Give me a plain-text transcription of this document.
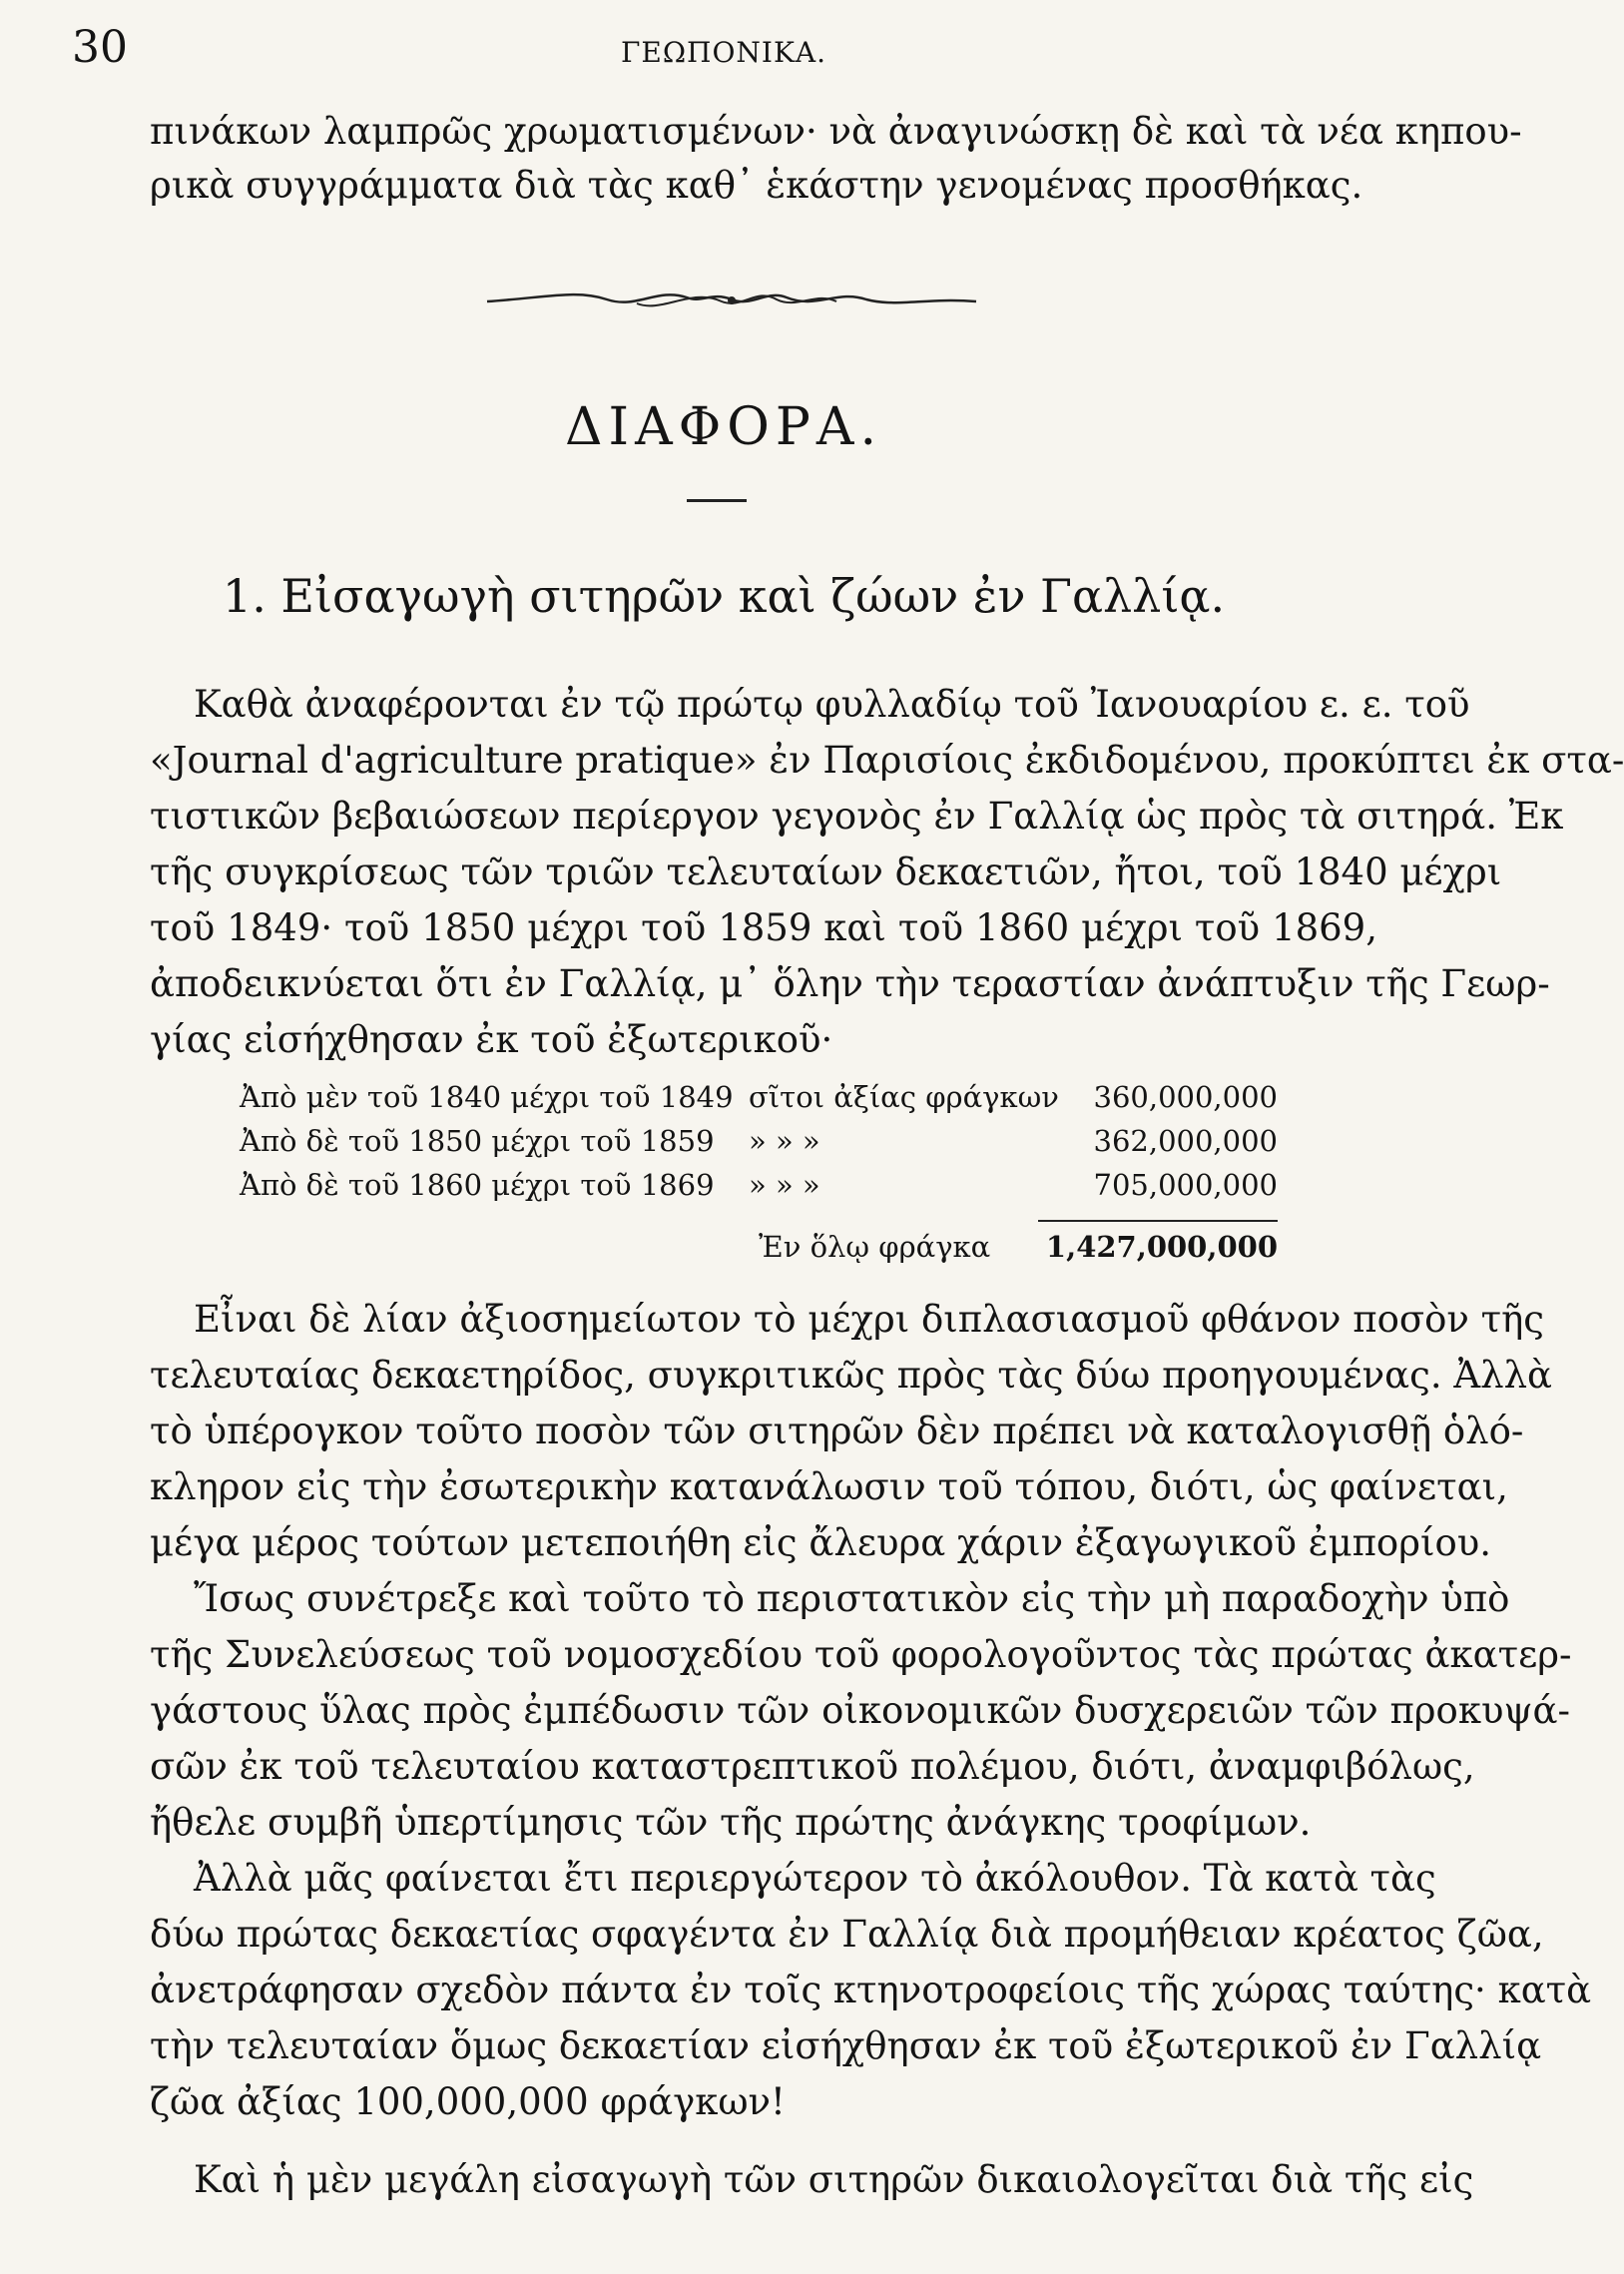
30	ΓΕΩΠΟΝΙΚΑ.
πινάκων λαμπρῶς χρωματισμένων· νὰ ἀναγινώσκῃ δὲ καὶ τὰ νέα κηπου-
ρικὰ συγγράμματα διὰ τὰς καθ᾿ ἑκάστην γενομένας προσθήκας.
ΔΙΑΦΟΡΑ.
1. Εἰσαγωγὴ σιτηρῶν καὶ ζώων ἐν Γαλλίᾳ.
Καθὰ ἀναφέρονται ἐν τῷ πρώτῳ φυλλαδίῳ τοῦ Ἰανουαρίου ε. ε. τοῦ
«Journal d'agriculture pratique» ἐν Παρισίοις ἐκδιδομένου, προκύπτει ἐκ στα-
τιστικῶν βεβαιώσεων περίεργον γεγονὸς ἐν Γαλλίᾳ ὡς πρὸς τὰ σιτηρά. Ἐκ
τῆς συγκρίσεως τῶν τριῶν τελευταίων δεκαετιῶν, ἤτοι, τοῦ 1840 μέχρι
τοῦ 1849· τοῦ 1850 μέχρι τοῦ 1859 καὶ τοῦ 1860 μέχρι τοῦ 1869,
ἀποδεικνύεται ὅτι ἐν Γαλλίᾳ, μ᾿ ὅλην τὴν τεραστίαν ἀνάπτυξιν τῆς Γεωρ-
γίας εἰσήχθησαν ἐκ τοῦ ἐξωτερικοῦ·
Ἀπὸ μὲν τοῦ 1840 μέχρι τοῦ 1849 σῖτοι ἀξίας φράγκων	360,000,000
Ἀπὸ δὲ τοῦ 1850 μέχρι τοῦ 1859 » » »	362,000,000
Ἀπὸ δὲ τοῦ 1860 μέχρι τοῦ 1869 » » »	705,000,000
Ἐν ὅλῳ φράγκα 1,427,000,000
Εἶναι δὲ λίαν ἀξιοσημείωτον τὸ μέχρι διπλασιασμοῦ φθάνον ποσὸν τῆς
τελευταίας δεκαετηρίδος, συγκριτικῶς πρὸς τὰς δύω προηγουμένας. Ἀλλὰ
τὸ ὑπέρογκον τοῦτο ποσὸν τῶν σιτηρῶν δὲν πρέπει νὰ καταλογισθῇ ὁλό-
κληρον εἰς τὴν ἐσωτερικὴν κατανάλωσιν τοῦ τόπου, διότι, ὡς φαίνεται,
μέγα μέρος τούτων μετεποιήθη εἰς ἄλευρα χάριν ἐξαγωγικοῦ ἐμπορίου.
Ἴσως συνέτρεξε καὶ τοῦτο τὸ περιστατικὸν εἰς τὴν μὴ παραδοχὴν ὑπὸ
τῆς Συνελεύσεως τοῦ νομοσχεδίου τοῦ φορολογοῦντος τὰς πρώτας ἀκατερ-
γάστους ὕλας πρὸς ἐμπέδωσιν τῶν οἰκονομικῶν δυσχερειῶν τῶν προκυψά-
σῶν ἐκ τοῦ τελευταίου καταστρεπτικοῦ πολέμου, διότι, ἀναμφιβόλως,
ἤθελε συμβῆ ὑπερτίμησις τῶν τῆς πρώτης ἀνάγκης τροφίμων.
Ἀλλὰ μᾶς φαίνεται ἔτι περιεργώτερον τὸ ἀκόλουθον. Τὰ κατὰ τὰς
δύω πρώτας δεκαετίας σφαγέντα ἐν Γαλλίᾳ διὰ προμήθειαν κρέατος ζῶα,
ἀνετράφησαν σχεδὸν πάντα ἐν τοῖς κτηνοτροφείοις τῆς χώρας ταύτης· κατὰ
τὴν τελευταίαν ὅμως δεκαετίαν εἰσήχθησαν ἐκ τοῦ ἐξωτερικοῦ ἐν Γαλλίᾳ
ζῶα ἀξίας 100,000,000 φράγκων!
Καὶ ἡ μὲν μεγάλη εἰσαγωγὴ τῶν σιτηρῶν δικαιολογεῖται διὰ τῆς εἰς
